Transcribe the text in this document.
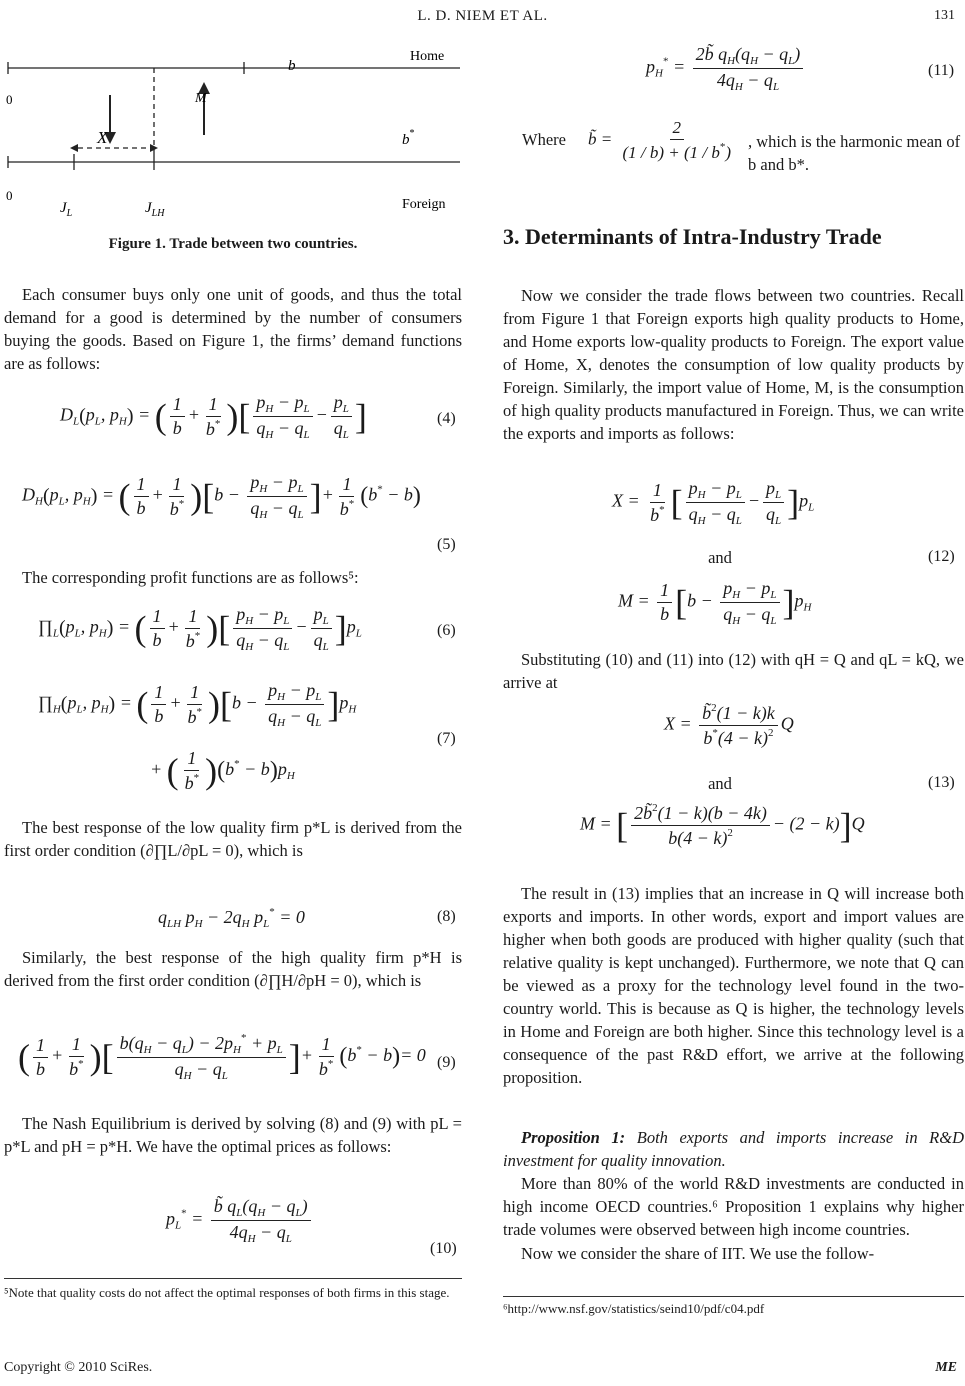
L. D. NIEM ET AL.	131
Home
Foreign
b
b*
M
X
0
0
$J_L$	$J_{LH}$
Figure 1. Trade between two countries.

Each consumer buys only one unit of goods, and thus the total demand for a good is determined by the number of consumers buying the goods. Based on Figure 1, the firms’ demand functions are as follows:

$D_L(p_L$, $p_H$) = ( $\frac{1}{b} + \frac{1}{b^*}$ )[ $\frac{p_H - p_L}{q_H - q_L} - \frac{p_L}{q_L}$ ]	(4)
$D_H(p_L$, $p_H$) = ( $\frac{1}{b} + \frac{1}{b^*} )[b - \frac{p_H - p_L}{q_H - q_L}$ ]+ $\frac{1}{b^*} (b^* - b)$
(5)

The corresponding profit functions are as follows⁵:

$\prod_L(p_L$, $p_H$) = ( $\frac{1}{b} + \frac{1}{b^*}$ )[ $\frac{p_H - p_L}{q_H - q_L} - \frac{p_L}{q_L} ]p_L$	(6)
$\prod_H(p_L$, $p_H$) = ( $\frac{1}{b} + \frac{1}{b^*} )[b - \frac{p_H - p_L}{q_H - q_L} ]p_H$
+ ( $\frac{1}{b^*} )(b^* - b)p_H$
(7)

The best response of the low quality firm p*L is derived from the first order condition (∂∏L/∂pL = 0), which is

$q_{LH}$ $p_H - 2q_H$ $p_L^* = 0$	(8)

Similarly, the best response of the high quality firm p*H is derived from the first order condition (∂∏H/∂pH = 0), which is

( $\frac{1}{b} + \frac{1}{b^*}$ )[ $\frac{b(q_H - q_L) - 2p_H^* + p_L}{q_H - q_L}$ ]+ $\frac{1}{b^*} (b^* - b)= 0$ (9)

The Nash Equilibrium is derived by solving (8) and (9) with pL = p*L and pH = p*H. We have the optimal prices as follows:

$p_L^* = \frac{b̃ q_L(q_H - q_L)}{4q_H - q_L}$
(10)
⁵Note that quality costs do not affect the optimal responses of both firms in this stage.
$p_H^* = \frac{2b̃ q_H(q_H - q_L)}{4q_H - q_L}$	(11)
Where b̃ = $\frac{2}{(1 / b) + (1 / b^*)}$ , which is the harmonic mean of b and b*.
3. Determinants of Intra-Industry Trade

Now we consider the trade flows between two countries. Recall from Figure 1 that Foreign exports high quality products to Home, and Home exports low-quality products to Foreign. The export value of Home, X, denotes the consumption of low quality products by Foreign. Similarly, the import value of Home, M, is the consumption of high quality products manufactured in Foreign. Thus, we can write the exports and imports as follows:

$X = \frac{1}{b^*}$ [ $\frac{p_H - p_L}{q_H - q_L} - \frac{p_L}{q_L} ]p_L$
and	(12)
$M = \frac{1}{b} [b - \frac{p_H - p_L}{q_H - q_L} ]p_H$

Substituting (10) and (11) into (12) with qH = Q and qL = kQ, we arrive at

$X = \frac{b̃^2(1 - k)k}{b^*(4 - k)^2}$ Q
and	(13)
M = [ $\frac{2b̃^2(1 - k)(b - 4k)}{b(4 - k)^2} - (2 - k)]Q$

The result in (13) implies that an increase in Q will increase both exports and imports. In other words, export and import values are higher when both goods are produced with higher quality (such that relative quality is kept unchanged). Furthermore, we note that Q can be viewed as a proxy for the technology level found in the two-country world. This is because as Q is higher, the technology levels in Home and Foreign are both higher. Since this technology level is a consequence of the past R&D effort, we arrive at the following proposition.

Proposition 1: Both exports and imports increase in R&D investment for quality innovation.

More than 80% of the world R&D investments are conducted in high income OECD countries.⁶ Proposition 1 explains why higher trade volumes were observed between high income countries.

Now we consider the share of IIT. We use the follow-

⁶http://www.nsf.gov/statistics/seind10/pdf/c04.pdf
Copyright © 2010 SciRes.	ME
